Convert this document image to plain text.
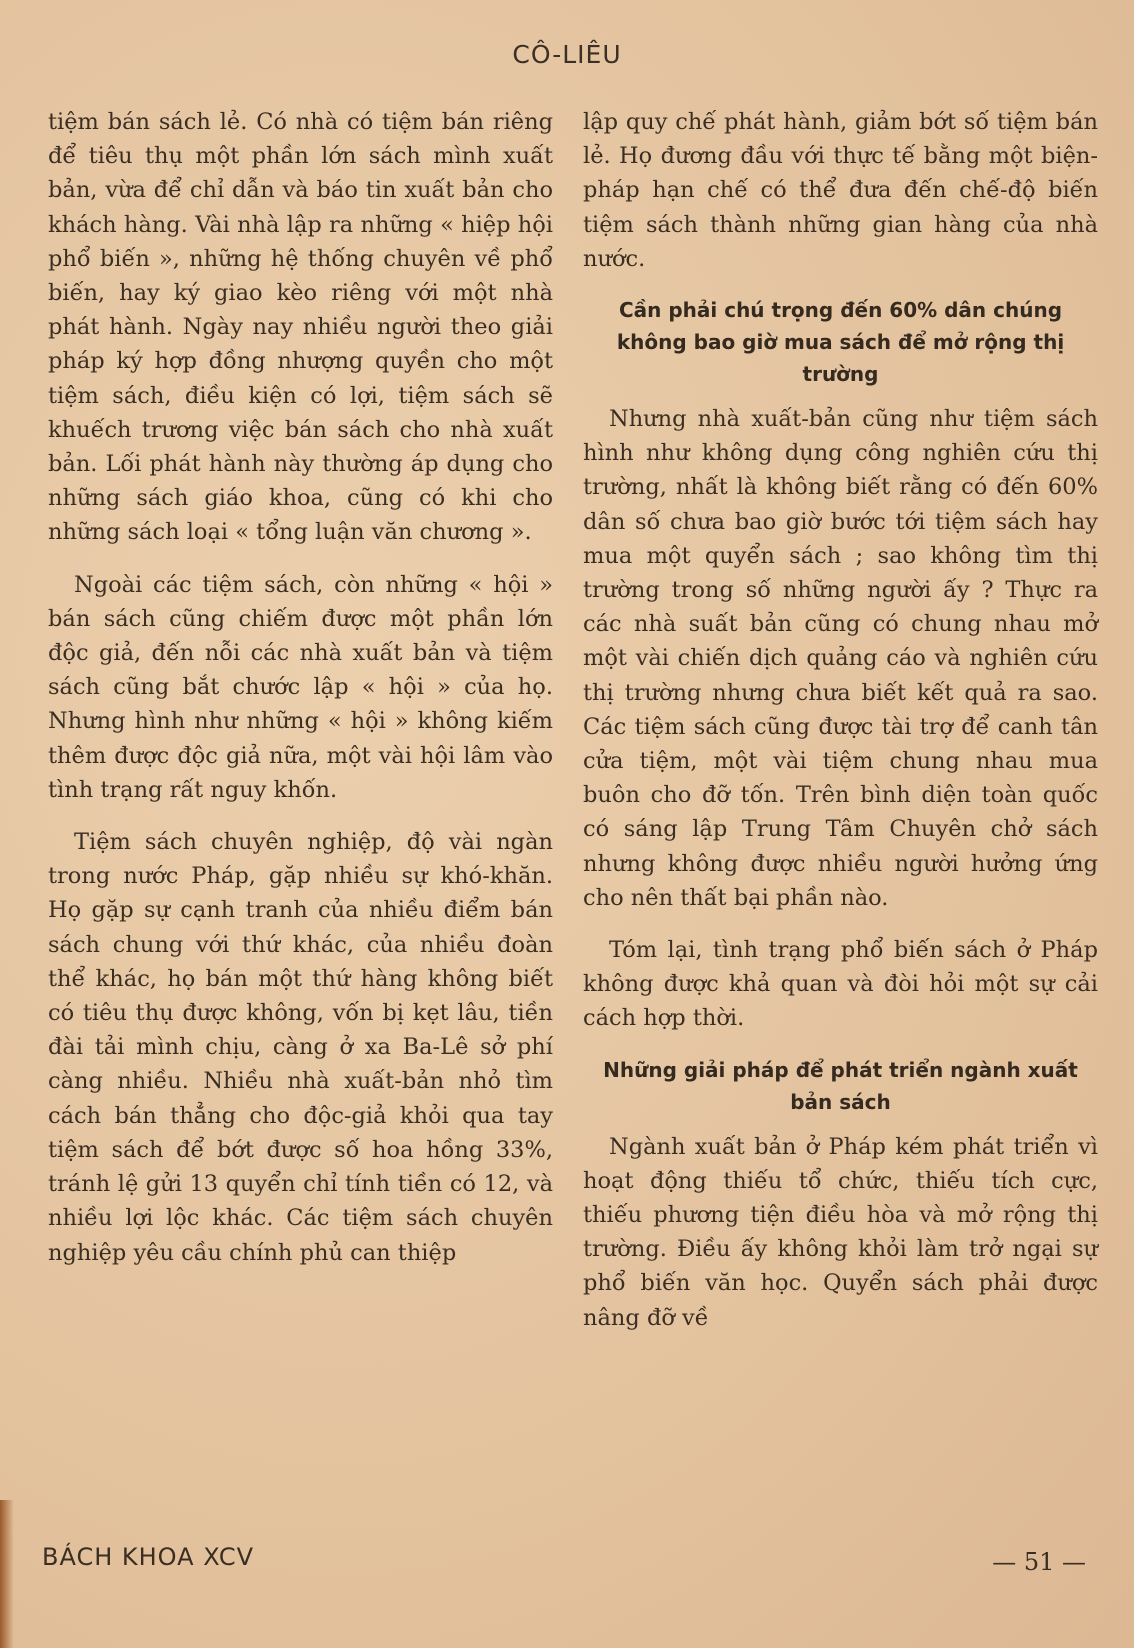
CÔ-LIÊU

tiệm bán sách lẻ. Có nhà có tiệm bán riêng để tiêu thụ một phần lớn sách mình xuất bản, vừa để chỉ dẫn và báo tin xuất bản cho khách hàng. Vài nhà lập ra những « hiệp hội phổ biến », những hệ thống chuyên về phổ biến, hay ký giao kèo riêng với một nhà phát hành. Ngày nay nhiều người theo giải pháp ký hợp đồng nhượng quyền cho một tiệm sách, điều kiện có lợi, tiệm sách sẽ khuếch trương việc bán sách cho nhà xuất bản. Lối phát hành này thường áp dụng cho những sách giáo khoa, cũng có khi cho những sách loại « tổng luận văn chương ».

Ngoài các tiệm sách, còn những « hội » bán sách cũng chiếm được một phần lớn độc giả, đến nỗi các nhà xuất bản và tiệm sách cũng bắt chước lập « hội » của họ. Nhưng hình như những « hội » không kiếm thêm được độc giả nữa, một vài hội lâm vào tình trạng rất nguy khốn.

Tiệm sách chuyên nghiệp, độ vài ngàn trong nước Pháp, gặp nhiều sự khó-khăn. Họ gặp sự cạnh tranh của nhiều điểm bán sách chung với thứ khác, của nhiều đoàn thể khác, họ bán một thứ hàng không biết có tiêu thụ được không, vốn bị kẹt lâu, tiền đài tải mình chịu, càng ở xa Ba-Lê sở phí càng nhiều. Nhiều nhà xuất-bản nhỏ tìm cách bán thẳng cho độc-giả khỏi qua tay tiệm sách để bớt được số hoa hồng 33%, tránh lệ gửi 13 quyển chỉ tính tiền có 12, và nhiều lợi lộc khác. Các tiệm sách chuyên nghiệp yêu cầu chính phủ can thiệp

lập quy chế phát hành, giảm bớt số tiệm bán lẻ. Họ đương đầu với thực tế bằng một biện-pháp hạn chế có thể đưa đến chế-độ biến tiệm sách thành những gian hàng của nhà nước.

Cần phải chú trọng đến 60% dân chúng không bao giờ mua sách để mở rộng thị trường

Nhưng nhà xuất-bản cũng như tiệm sách hình như không dụng công nghiên cứu thị trường, nhất là không biết rằng có đến 60% dân số chưa bao giờ bước tới tiệm sách hay mua một quyển sách ; sao không tìm thị trường trong số những người ấy ? Thực ra các nhà suất bản cũng có chung nhau mở một vài chiến dịch quảng cáo và nghiên cứu thị trường nhưng chưa biết kết quả ra sao. Các tiệm sách cũng được tài trợ để canh tân cửa tiệm, một vài tiệm chung nhau mua buôn cho đỡ tốn. Trên bình diện toàn quốc có sáng lập Trung Tâm Chuyên chở sách nhưng không được nhiều người hưởng ứng cho nên thất bại phần nào.

Tóm lại, tình trạng phổ biến sách ở Pháp không được khả quan và đòi hỏi một sự cải cách hợp thời.

Những giải pháp để phát triển ngành xuất bản sách

Ngành xuất bản ở Pháp kém phát triển vì hoạt động thiếu tổ chức, thiếu tích cực, thiếu phương tiện điều hòa và mở rộng thị trường. Điều ấy không khỏi làm trở ngại sự phổ biến văn học. Quyển sách phải được nâng đỡ về

BÁCH KHOA XCV	— 51 —
